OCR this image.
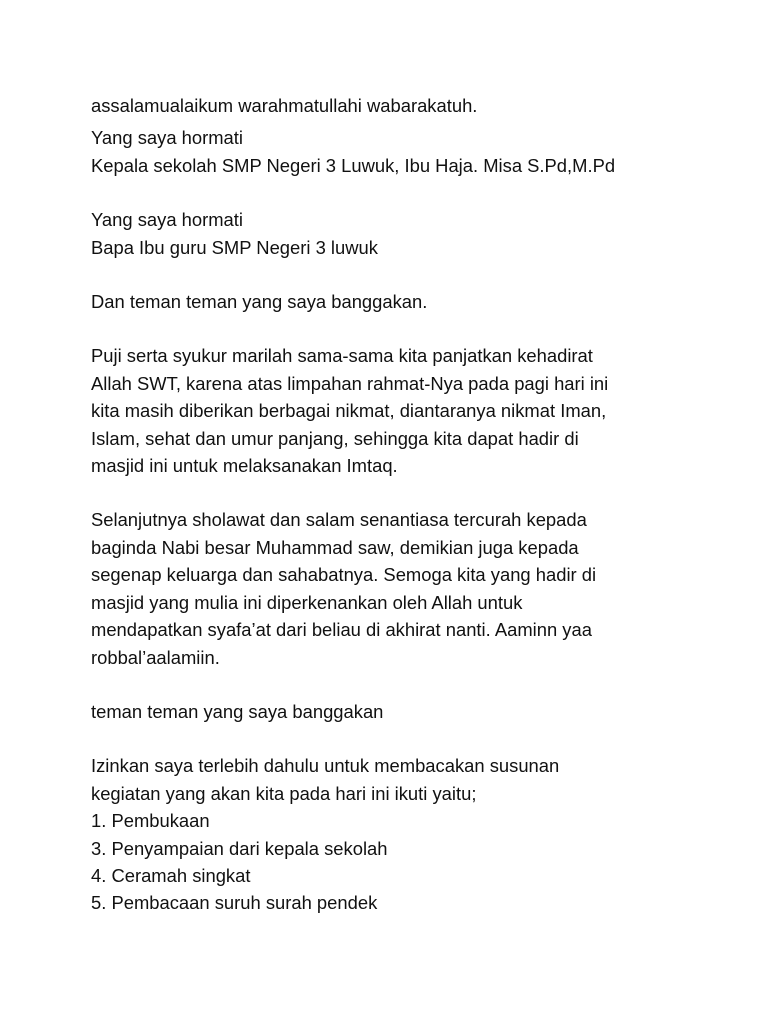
assalamualaikum warahmatullahi wabarakatuh.

Yang saya hormati

Kepala sekolah SMP Negeri 3 Luwuk, Ibu Haja. Misa S.Pd,M.Pd

Yang saya hormati

Bapa Ibu guru SMP Negeri 3 luwuk

Dan teman teman yang saya banggakan.

Puji serta syukur marilah sama-sama kita panjatkan kehadirat

Allah SWT, karena atas limpahan rahmat-Nya pada pagi hari ini

kita masih diberikan berbagai nikmat, diantaranya nikmat Iman,

Islam, sehat dan umur panjang, sehingga kita dapat hadir di

masjid ini untuk melaksanakan Imtaq.

Selanjutnya sholawat dan salam senantiasa tercurah kepada

baginda Nabi besar Muhammad saw, demikian juga kepada

segenap keluarga dan sahabatnya. Semoga kita yang hadir di

masjid yang mulia ini diperkenankan oleh Allah untuk

mendapatkan syafa’at dari beliau di akhirat nanti. Aaminn yaa

robbal’aalamiin.

teman teman yang saya banggakan

Izinkan saya terlebih dahulu untuk membacakan susunan

kegiatan yang akan kita pada hari ini ikuti yaitu;

1. Pembukaan
3. Penyampaian dari kepala sekolah
4. Ceramah singkat
5. Pembacaan suruh surah pendek
